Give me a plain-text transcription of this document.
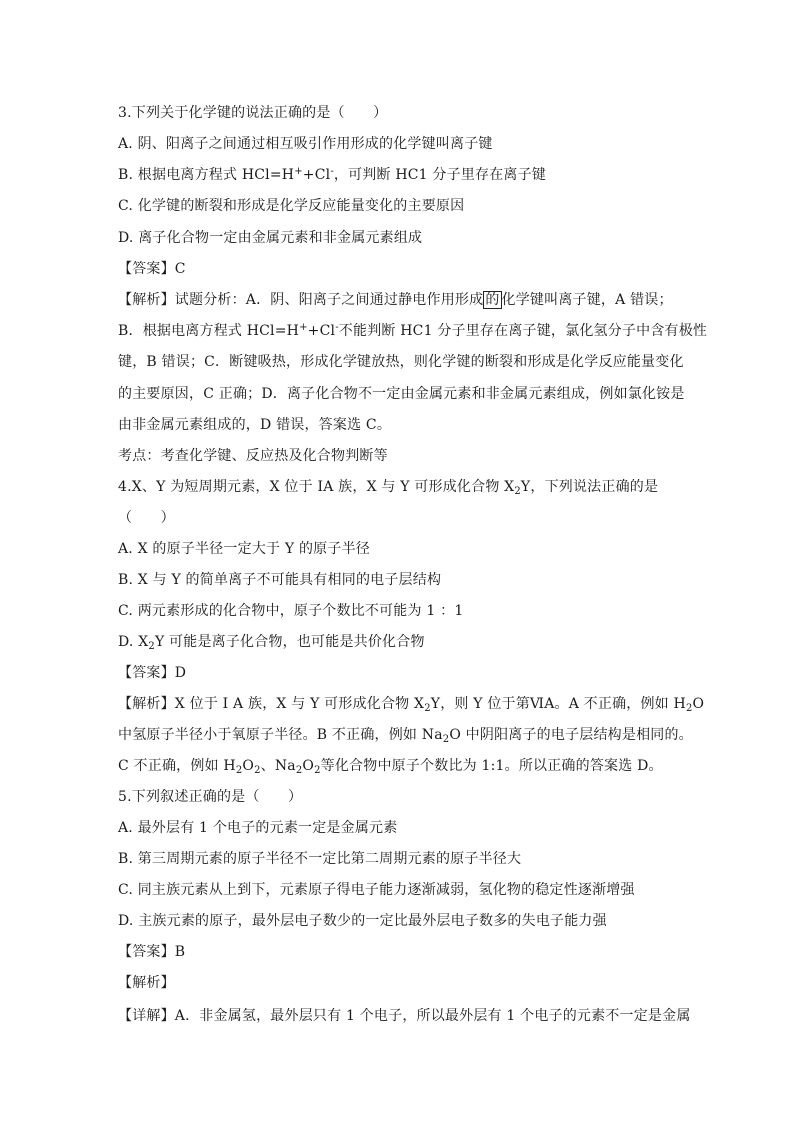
3.下列关于化学键的说法正确的是（　　）
A. 阴、阳离子之间通过相互吸引作用形成的化学键叫离子键
B. 根据电离方程式 HCl=H++Cl-，可判断 HC1 分子里存在离子键
C. 化学键的断裂和形成是化学反应能量变化的主要原因
D. 离子化合物一定由金属元素和非金属元素组成
【答案】C
【解析】试题分析：A．阴、阳离子之间通过静电作用形成 的 化学键叫离子键，A 错误；
B．根据电离方程式 HCl=H++Cl-不能判断 HC1 分子里存在离子键，氯化氢分子中含有极性
键，B 错误；C．断键吸热，形成化学键放热，则化学键的断裂和形成是化学反应能量变化
的主要原因，C 正确；D．离子化合物不一定由金属元素和非金属元素组成，例如氯化铵是
由非金属元素组成的，D 错误，答案选 C。
考点：考查化学键、反应热及化合物判断等
4.X、Y 为短周期元素，X 位于 IA 族，X 与 Y 可形成化合物 $X_2Y$，下列说法正确的是
（　　）
A. X 的原子半径一定大于 Y 的原子半径
B. X 与 Y 的简单离子不可能具有相同的电子层结构
C. 两元素形成的化合物中，原子个数比不可能为 1 ：1
D. $X_2Y$ 可能是离子化合物，也可能是共价化合物
【答案】D
【解析】X 位于 I A 族，X 与 Y 可形成化合物 $X_2Y$，则 Y 位于第ⅥA。A 不正确，例如 $H_2O$
中氢原子半径小于氧原子半径。B 不正确，例如 $Na_2O$ 中阴阳离子的电子层结构是相同的。
C 不正确，例如 $H_2O_2$、$Na_2O_2$等化合物中原子个数比为 1:1。所以正确的答案选 D。
5.下列叙述正确的是（　　）
A. 最外层有 1 个电子的元素一定是金属元素
B. 第三周期元素的原子半径不一定比第二周期元素的原子半径大
C. 同主族元素从上到下，元素原子得电子能力逐渐减弱，氢化物的稳定性逐渐增强
D. 主族元素的原子，最外层电子数少的一定比最外层电子数多的失电子能力强
【答案】B
【解析】
【详解】A．非金属氢，最外层只有 1 个电子，所以最外层有 1 个电子的元素不一定是金属
